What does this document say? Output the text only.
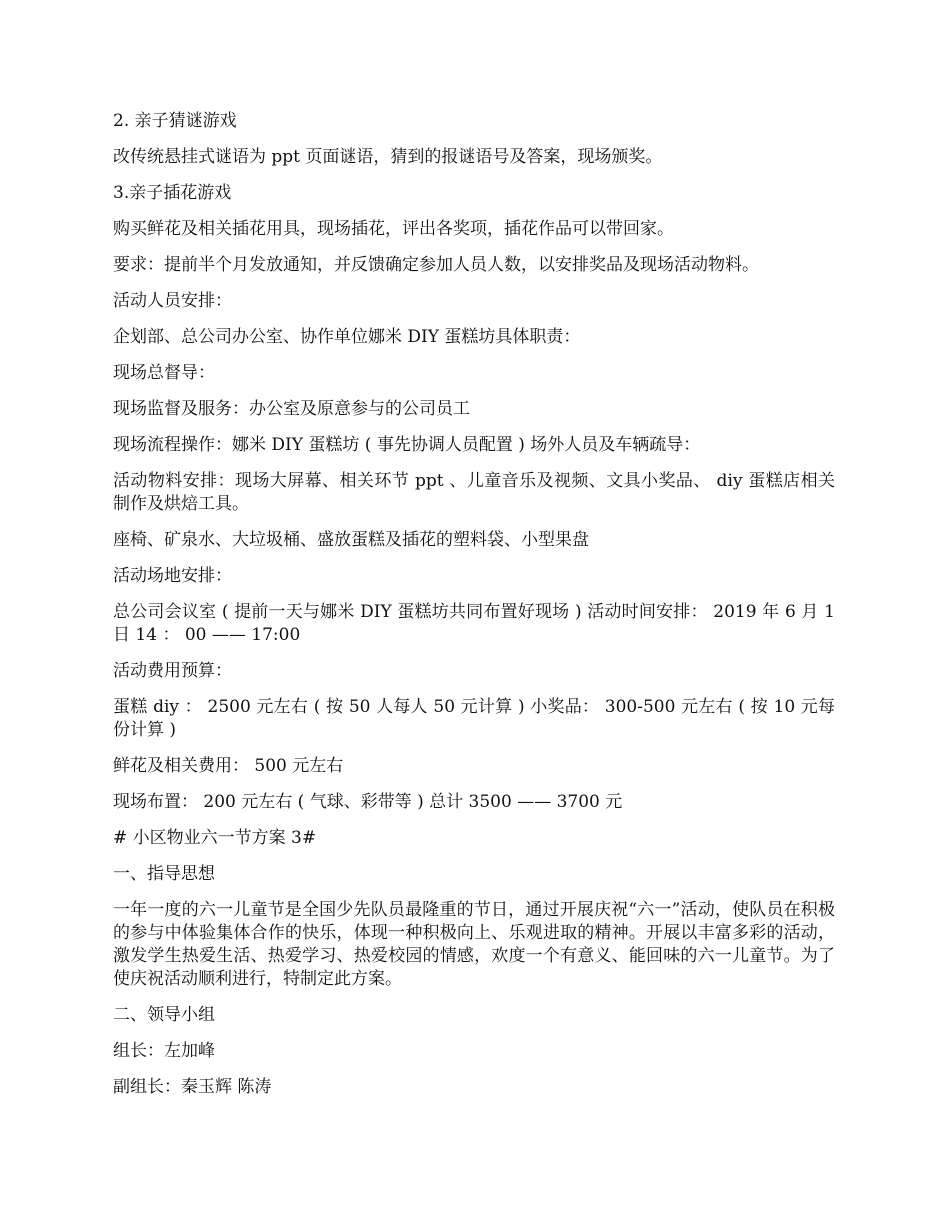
2. 亲子猜谜游戏

改传统悬挂式谜语为 ppt 页面谜语，猜到的报谜语号及答案，现场颁奖。

3.亲子插花游戏

购买鲜花及相关插花用具，现场插花，评出各奖项，插花作品可以带回家。

要求：提前半个月发放通知，并反馈确定参加人员人数，以安排奖品及现场活动物料。

活动人员安排：

企划部、总公司办公室、协作单位娜米 DIY 蛋糕坊具体职责：

现场总督导：

现场监督及服务：办公室及原意参与的公司员工

现场流程操作：娜米 DIY 蛋糕坊 ( 事先协调人员配置 ) 场外人员及车辆疏导：

活动物料安排：现场大屏幕、相关环节 ppt 、儿童音乐及视频、文具小奖品、 diy 蛋糕店相关制作及烘焙工具。

座椅、矿泉水、大垃圾桶、盛放蛋糕及插花的塑料袋、小型果盘

活动场地安排：

总公司会议室 ( 提前一天与娜米 DIY 蛋糕坊共同布置好现场 ) 活动时间安排： 2019 年 6 月 1 日 14 ： 00 —— 17:00

活动费用预算：

蛋糕 diy ： 2500 元左右 ( 按 50 人每人 50 元计算 ) 小奖品： 300-500 元左右 ( 按 10 元每份计算 )

鲜花及相关费用： 500 元左右

现场布置： 200 元左右 ( 气球、彩带等 ) 总计 3500 —— 3700 元

# 小区物业六一节方案 3#

一、指导思想

一年一度的六一儿童节是全国少先队员最隆重的节日，通过开展庆祝“六一”活动，使队员在积极的参与中体验集体合作的快乐，体现一种积极向上、乐观进取的精神。开展以丰富多彩的活动，激发学生热爱生活、热爱学习、热爱校园的情感，欢度一个有意义、能回味的六一儿童节。为了使庆祝活动顺利进行，特制定此方案。

二、领导小组

组长：左加峰

副组长：秦玉辉 陈涛
